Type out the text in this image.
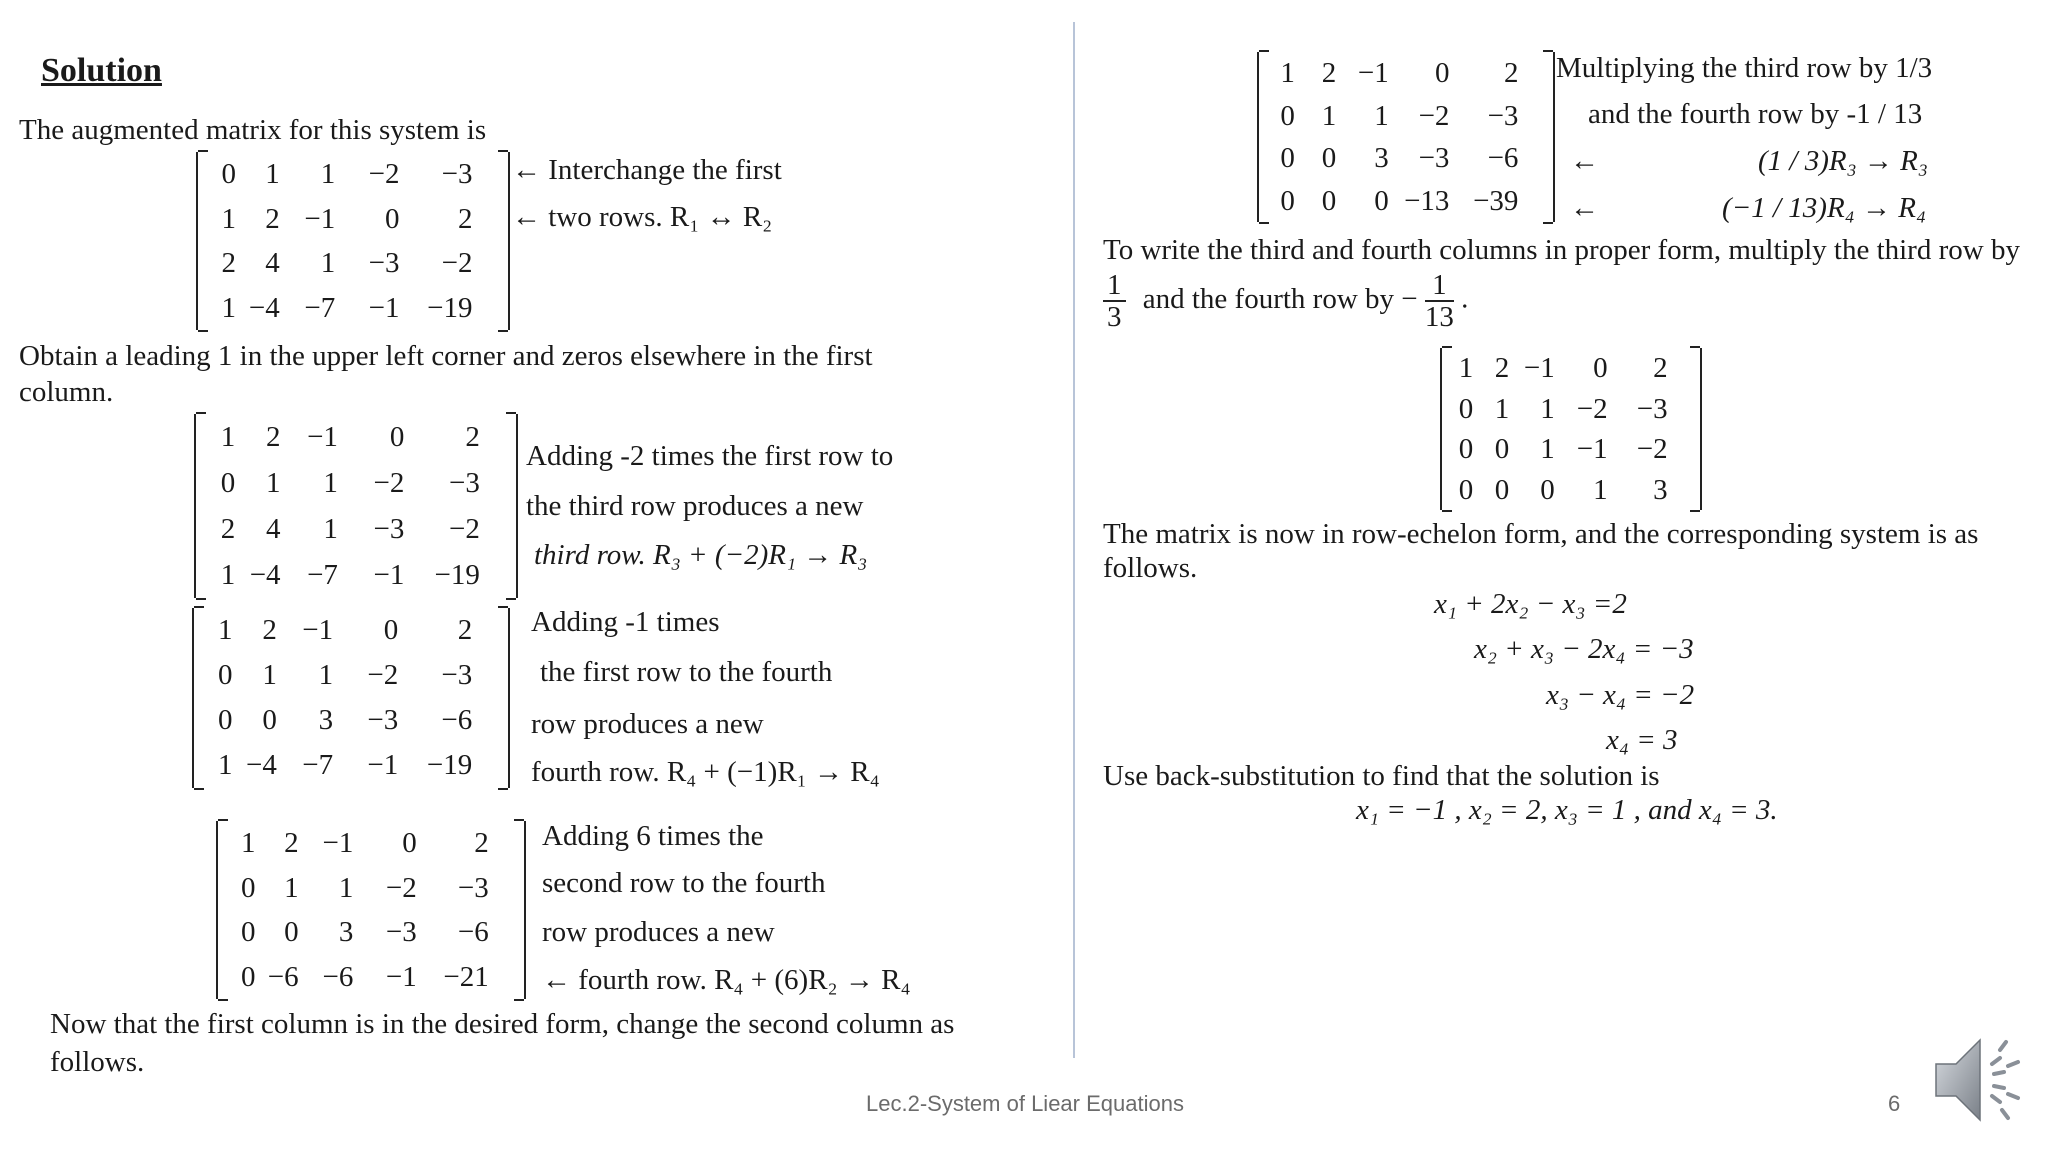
Solution
The augmented matrix for this system is
0	1	1	−2	−3
1	2 −1	0	2
2	4	1	−3	−2
1 −4 −7	−1 −19
← Interchange the first
← two rows. R₁ ↔ R₂
Obtain a leading 1 in the upper left corner and zeros elsewhere in the first
column.
1	2 −1	0	2
0	1	1	−2	−3
2	4	1	−3	−2
1 −4 −7	−1	−19
Adding -2 times the first row to
the third row produces a new
third row. R₃ + (−2)R₁ → R₃
1	2 −1	0	2
0	1	1	−2	−3
0	0	3	−3	−6
1 −4 −7	−1 −19
Adding -1 times
the first row to the fourth
row produces a new
fourth row. R₄ + (−1)R₁ → R₄
1 2 −1	0	2
0 1	1	−2	−3
0 0	3	−3	−6
0 −6 −6	−1 −21
Adding 6 times the
second row to the fourth
row produces a new
← fourth row. R₄ + (6)R₂ → R₄
Now that the first column is in the desired form, change the second column as
follows.
1 2 −1	0	2
0 1	1	−2	−3
0 0	3	−3	−6
0 0	0 −13 −39
Multiplying the third row by 1/3
and the fourth row by -1 / 13
←	(1 / 3)R₃ → R₃
←	(−1 / 13)R₄ → R₄
To write the third and fourth columns in proper form, multiply the third row by
$\frac{1}{3}$ and the fourth row by − $\frac{1}{13}$ .
1 2 −1	0	2
0 1	1 −2	−3
0 0	1 −1	−2
0 0	0	1	3
The matrix is now in row-echelon form, and the corresponding system is as
follows.
x₁ + 2x₂ − x₃ =2
x₂ + x₃ − 2x₄ = −3
x₃ − x₄ = −2
x₄ = 3
Use back-substitution to find that the solution is
x₁ = −1 , x₂ = 2, x₃ = 1 , and x₄ = 3.
Lec.2-System of Liear Equations	6
